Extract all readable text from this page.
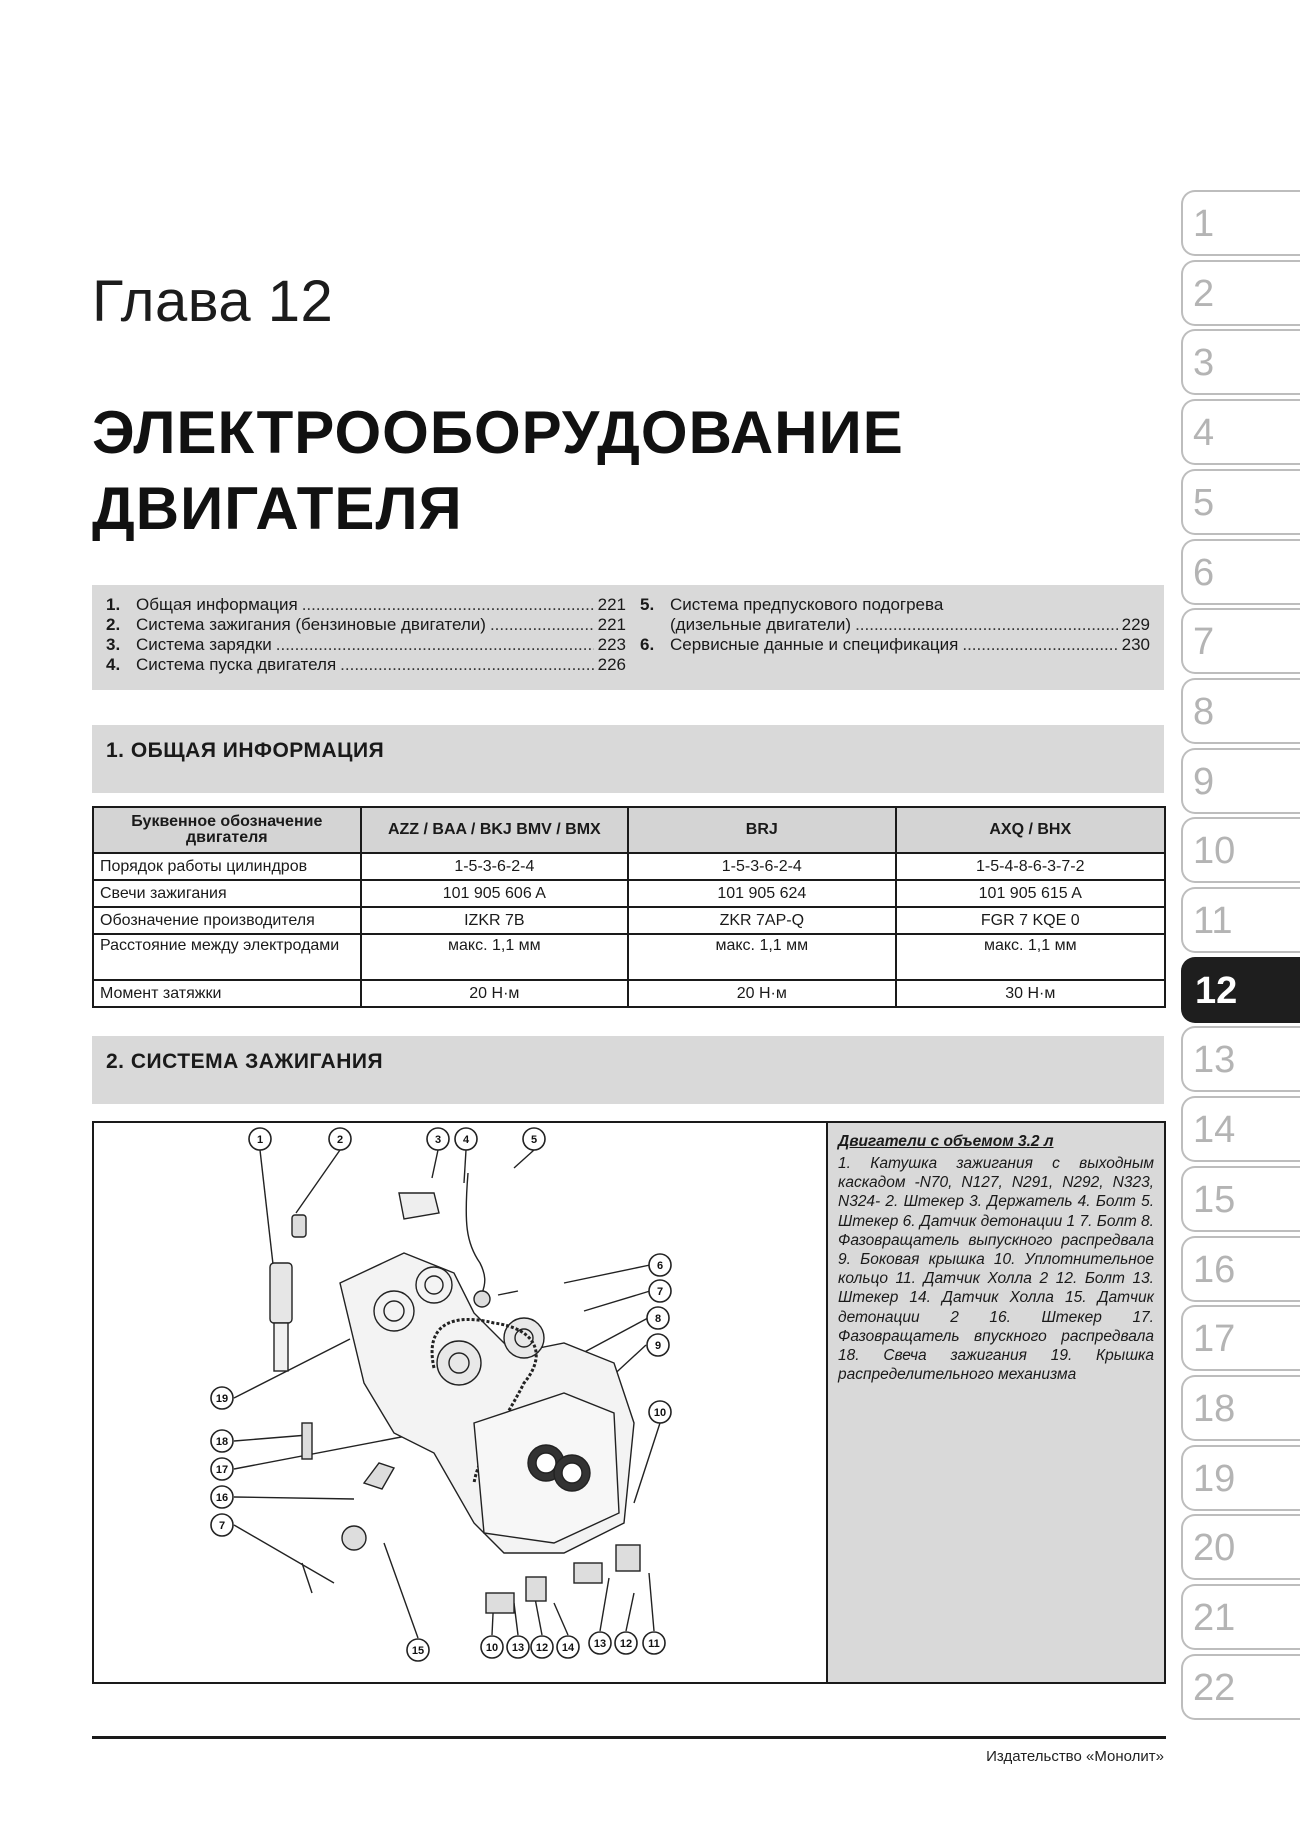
Глава 12
ЭЛЕКТРООБОРУДОВАНИЕ
ДВИГАТЕЛЯ
1. Общая информация .....	221
2. Система зажигания (бензиновые двигатели) .....	221
3. Система зарядки .....	223
4. Система пуска двигателя .....	226
5. Система предпускового подогрева
(дизельные двигатели) .....	229
6. Сервисные данные и спецификация .....	230
1. ОБЩАЯ ИНФОРМАЦИЯ
Буквенное обозначение двигателя	AZZ / BAA / BKJ BMV / BMX	BRJ	AXQ / BHX
Порядок работы цилиндров	1-5-3-6-2-4	1-5-3-6-2-4	1-5-4-8-6-3-7-2
Свечи зажигания	101 905 606 A	101 905 624	101 905 615 A
Обозначение производителя	IZKR 7B	ZKR 7AP-Q	FGR 7 KQE 0
Расстояние между электродами	макс. 1,1 мм	макс. 1,1 мм	макс. 1,1 мм
Момент затяжки	20 Н·м	20 Н·м	30 Н·м
2. СИСТЕМА ЗАЖИГАНИЯ
1	2	3 4	5
6
7
8
9
19
18
17
16
7
15	10 13 12 14 13 12 11
10
Двигатели с объемом 3.2 л
1. Катушка зажигания с выходным каскадом -N70, N127, N291, N292, N323, N324- 2. Штекер 3. Держатель 4. Болт 5. Штекер 6. Датчик детонации 1 7. Болт 8. Фазовращатель выпускного распредвала 9. Боковая крышка 10. Уплотнительное кольцо 11. Датчик Холла 2 12. Болт 13. Штекер 14. Датчик Холла 15. Датчик детонации 2 16. Штекер 17. Фазовращатель впускного распредвала 18. Свеча зажигания 19. Крышка распределительного механизма
1
2
3
4
5
6
7
8
9
10
11
12
13
14
15
16
17
18
19
20
21
22
Издательство «Монолит»
